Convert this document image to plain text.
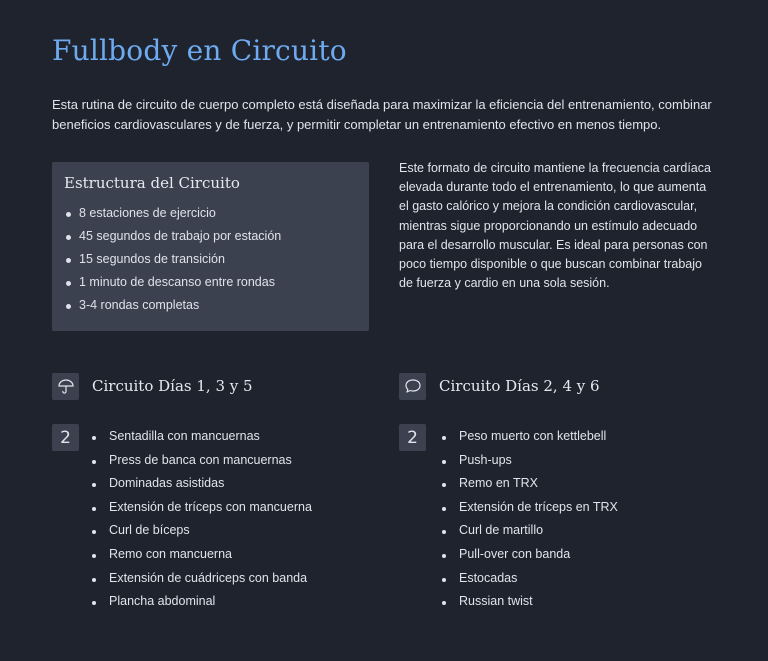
Fullbody en Circuito

Esta rutina de circuito de cuerpo completo está diseñada para maximizar la eficiencia del entrenamiento, combinar beneficios cardiovasculares y de fuerza, y permitir completar un entrenamiento efectivo en menos tiempo.

Estructura del Circuito
8 estaciones de ejercicio
45 segundos de trabajo por estación
15 segundos de transición
1 minuto de descanso entre rondas
3-4 rondas completas

Este formato de circuito mantiene la frecuencia cardíaca elevada durante todo el entrenamiento, lo que aumenta el gasto calórico y mejora la condición cardiovascular, mientras sigue proporcionando un estímulo adecuado para el desarrollo muscular. Es ideal para personas con poco tiempo disponible o que buscan combinar trabajo de fuerza y cardio en una sola sesión.

Circuito Días 1, 3 y 5
2	Sentadilla con mancuernas
Press de banca con mancuernas
Dominadas asistidas
Extensión de tríceps con mancuerna
Curl de bíceps
Remo con mancuerna
Extensión de cuádriceps con banda
Plancha abdominal
Circuito Días 2, 4 y 6
2	Peso muerto con kettlebell
Push-ups
Remo en TRX
Extensión de tríceps en TRX
Curl de martillo
Pull-over con banda
Estocadas
Russian twist
